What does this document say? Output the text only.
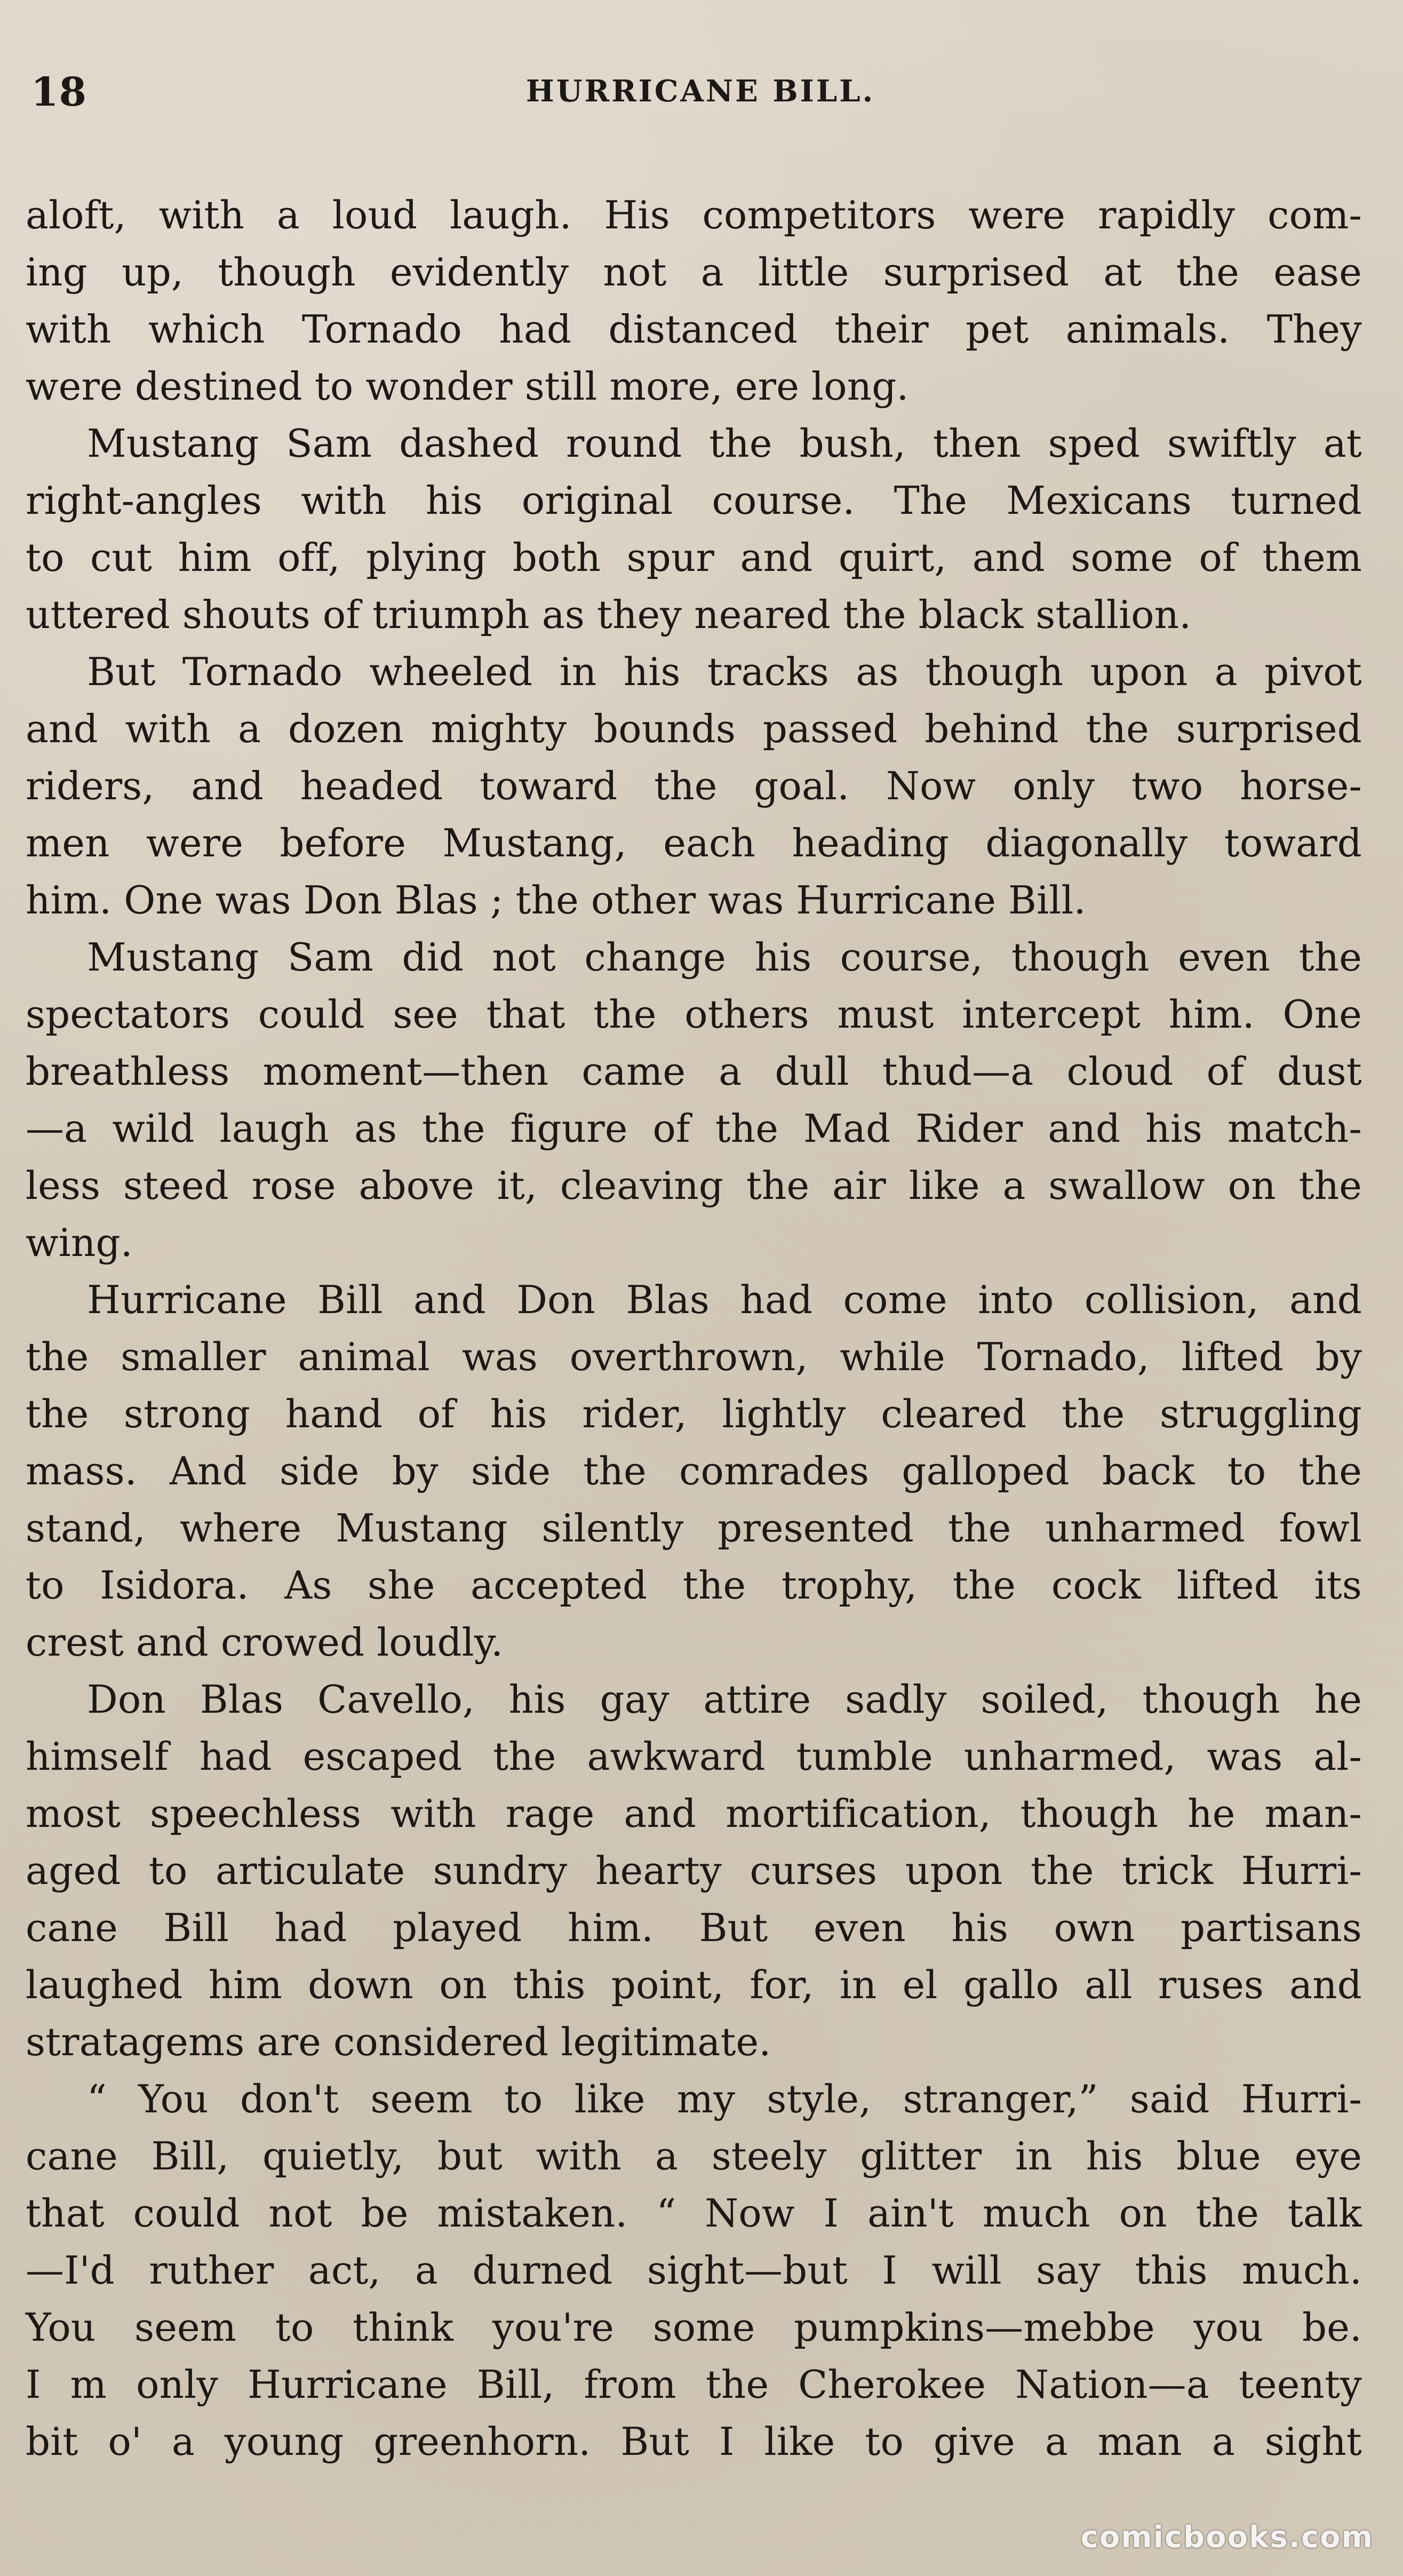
18	HURRICANE BILL.

aloft, with a loud laugh. His competitors were rapidly com-

ing up, though evidently not a little surprised at the ease

with which Tornado had distanced their pet animals. They

were destined to wonder still more, ere long.

Mustang Sam dashed round the bush, then sped swiftly at

right-angles with his original course. The Mexicans turned

to cut him off, plying both spur and quirt, and some of them

uttered shouts of triumph as they neared the black stallion.

But Tornado wheeled in his tracks as though upon a pivot

and with a dozen mighty bounds passed behind the surprised

riders, and headed toward the goal. Now only two horse-

men were before Mustang, each heading diagonally toward

him. One was Don Blas ; the other was Hurricane Bill.

Mustang Sam did not change his course, though even the

spectators could see that the others must intercept him. One

breathless moment—then came a dull thud—a cloud of dust

—a wild laugh as the figure of the Mad Rider and his match-

less steed rose above it, cleaving the air like a swallow on the

wing.

Hurricane Bill and Don Blas had come into collision, and

the smaller animal was overthrown, while Tornado, lifted by

the strong hand of his rider, lightly cleared the struggling

mass. And side by side the comrades galloped back to the

stand, where Mustang silently presented the unharmed fowl

to Isidora. As she accepted the trophy, the cock lifted its

crest and crowed loudly.

Don Blas Cavello, his gay attire sadly soiled, though he

himself had escaped the awkward tumble unharmed, was al-

most speechless with rage and mortification, though he man-

aged to articulate sundry hearty curses upon the trick Hurri-

cane Bill had played him. But even his own partisans

laughed him down on this point, for, in el gallo all ruses and

stratagems are considered legitimate.

“ You don't seem to like my style, stranger,” said Hurri-

cane Bill, quietly, but with a steely glitter in his blue eye

that could not be mistaken. “ Now I ain't much on the talk

—I'd ruther act, a durned sight—but I will say this much.

You seem to think you're some pumpkins—mebbe you be.

I m only Hurricane Bill, from the Cherokee Nation—a teenty

bit o' a young greenhorn. But I like to give a man a sight

comicbooks.com
